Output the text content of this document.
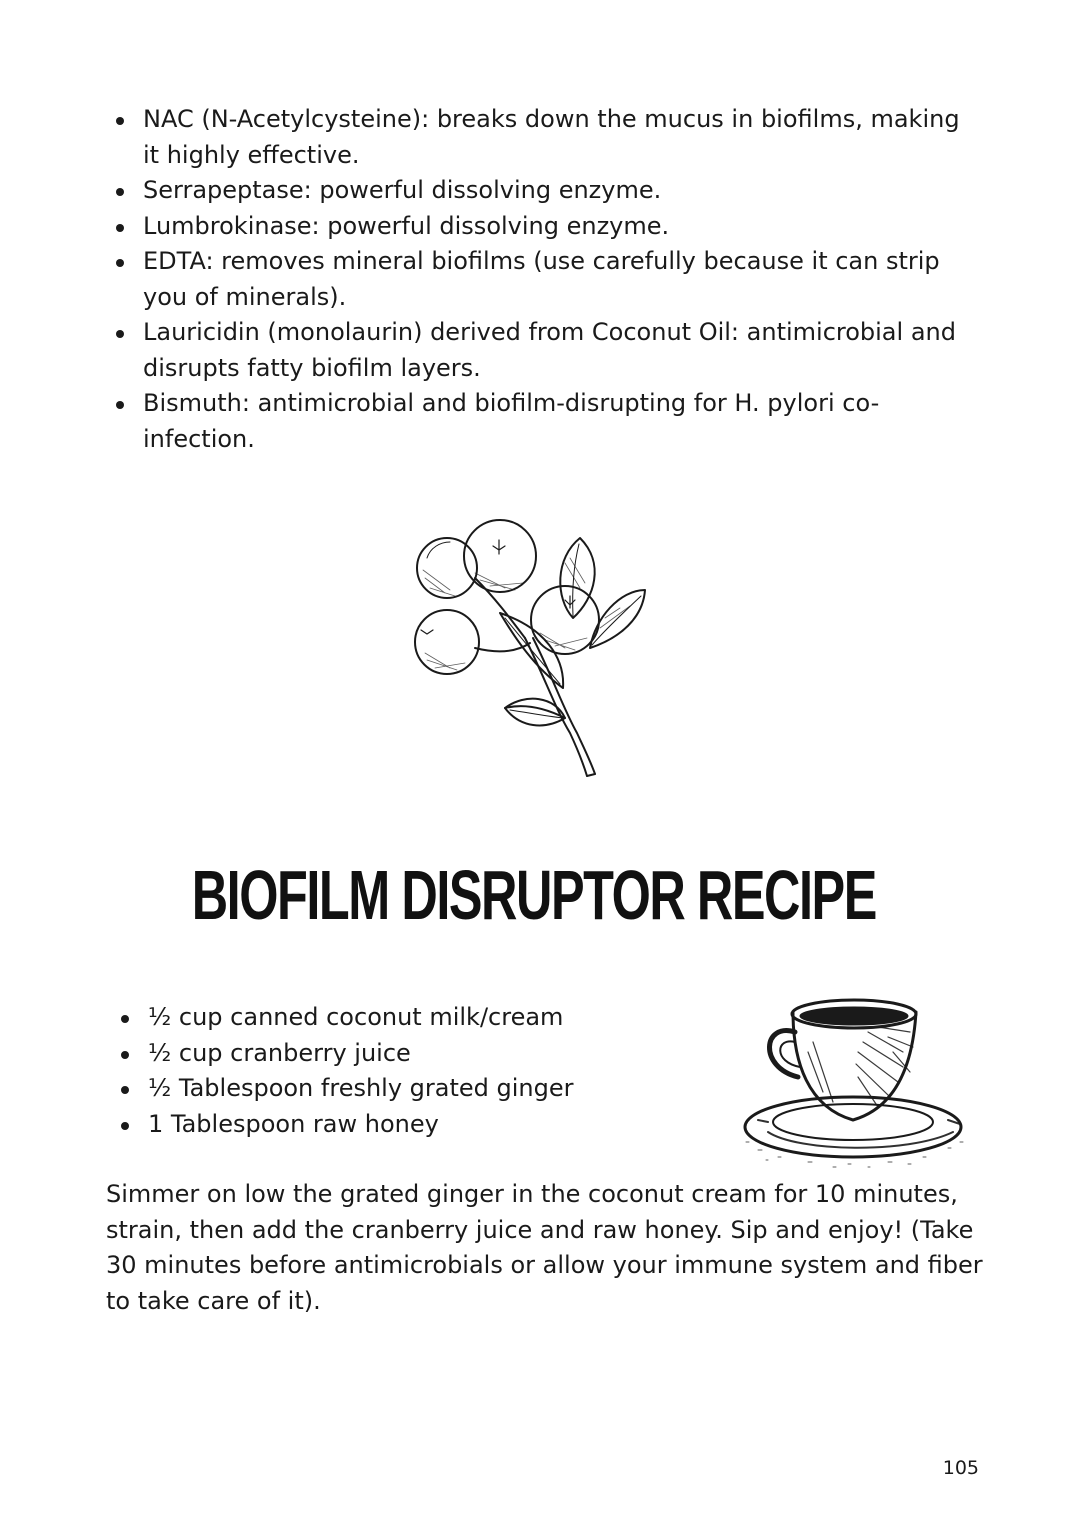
NAC (N-Acetylcysteine): breaks down the mucus in biofilms, making it highly effective.
Serrapeptase: powerful dissolving enzyme.
Lumbrokinase: powerful dissolving enzyme.
EDTA: removes mineral biofilms (use carefully because it can strip you of minerals).
Lauricidin (monolaurin) derived from Coconut Oil: antimicrobial and disrupts fatty biofilm layers.
Bismuth: antimicrobial and biofilm-disrupting for H. pylori co-infection.
BIOFILM DISRUPTOR RECIPE
½ cup canned coconut milk/cream
½ cup cranberry juice
½ Tablespoon freshly grated ginger
1 Tablespoon raw honey

Simmer on low the grated ginger in the coconut cream for 10 minutes, strain, then add the cranberry juice and raw honey. Sip and enjoy! (Take 30 minutes before antimicrobials or allow your immune system and fiber to take care of it).

105
